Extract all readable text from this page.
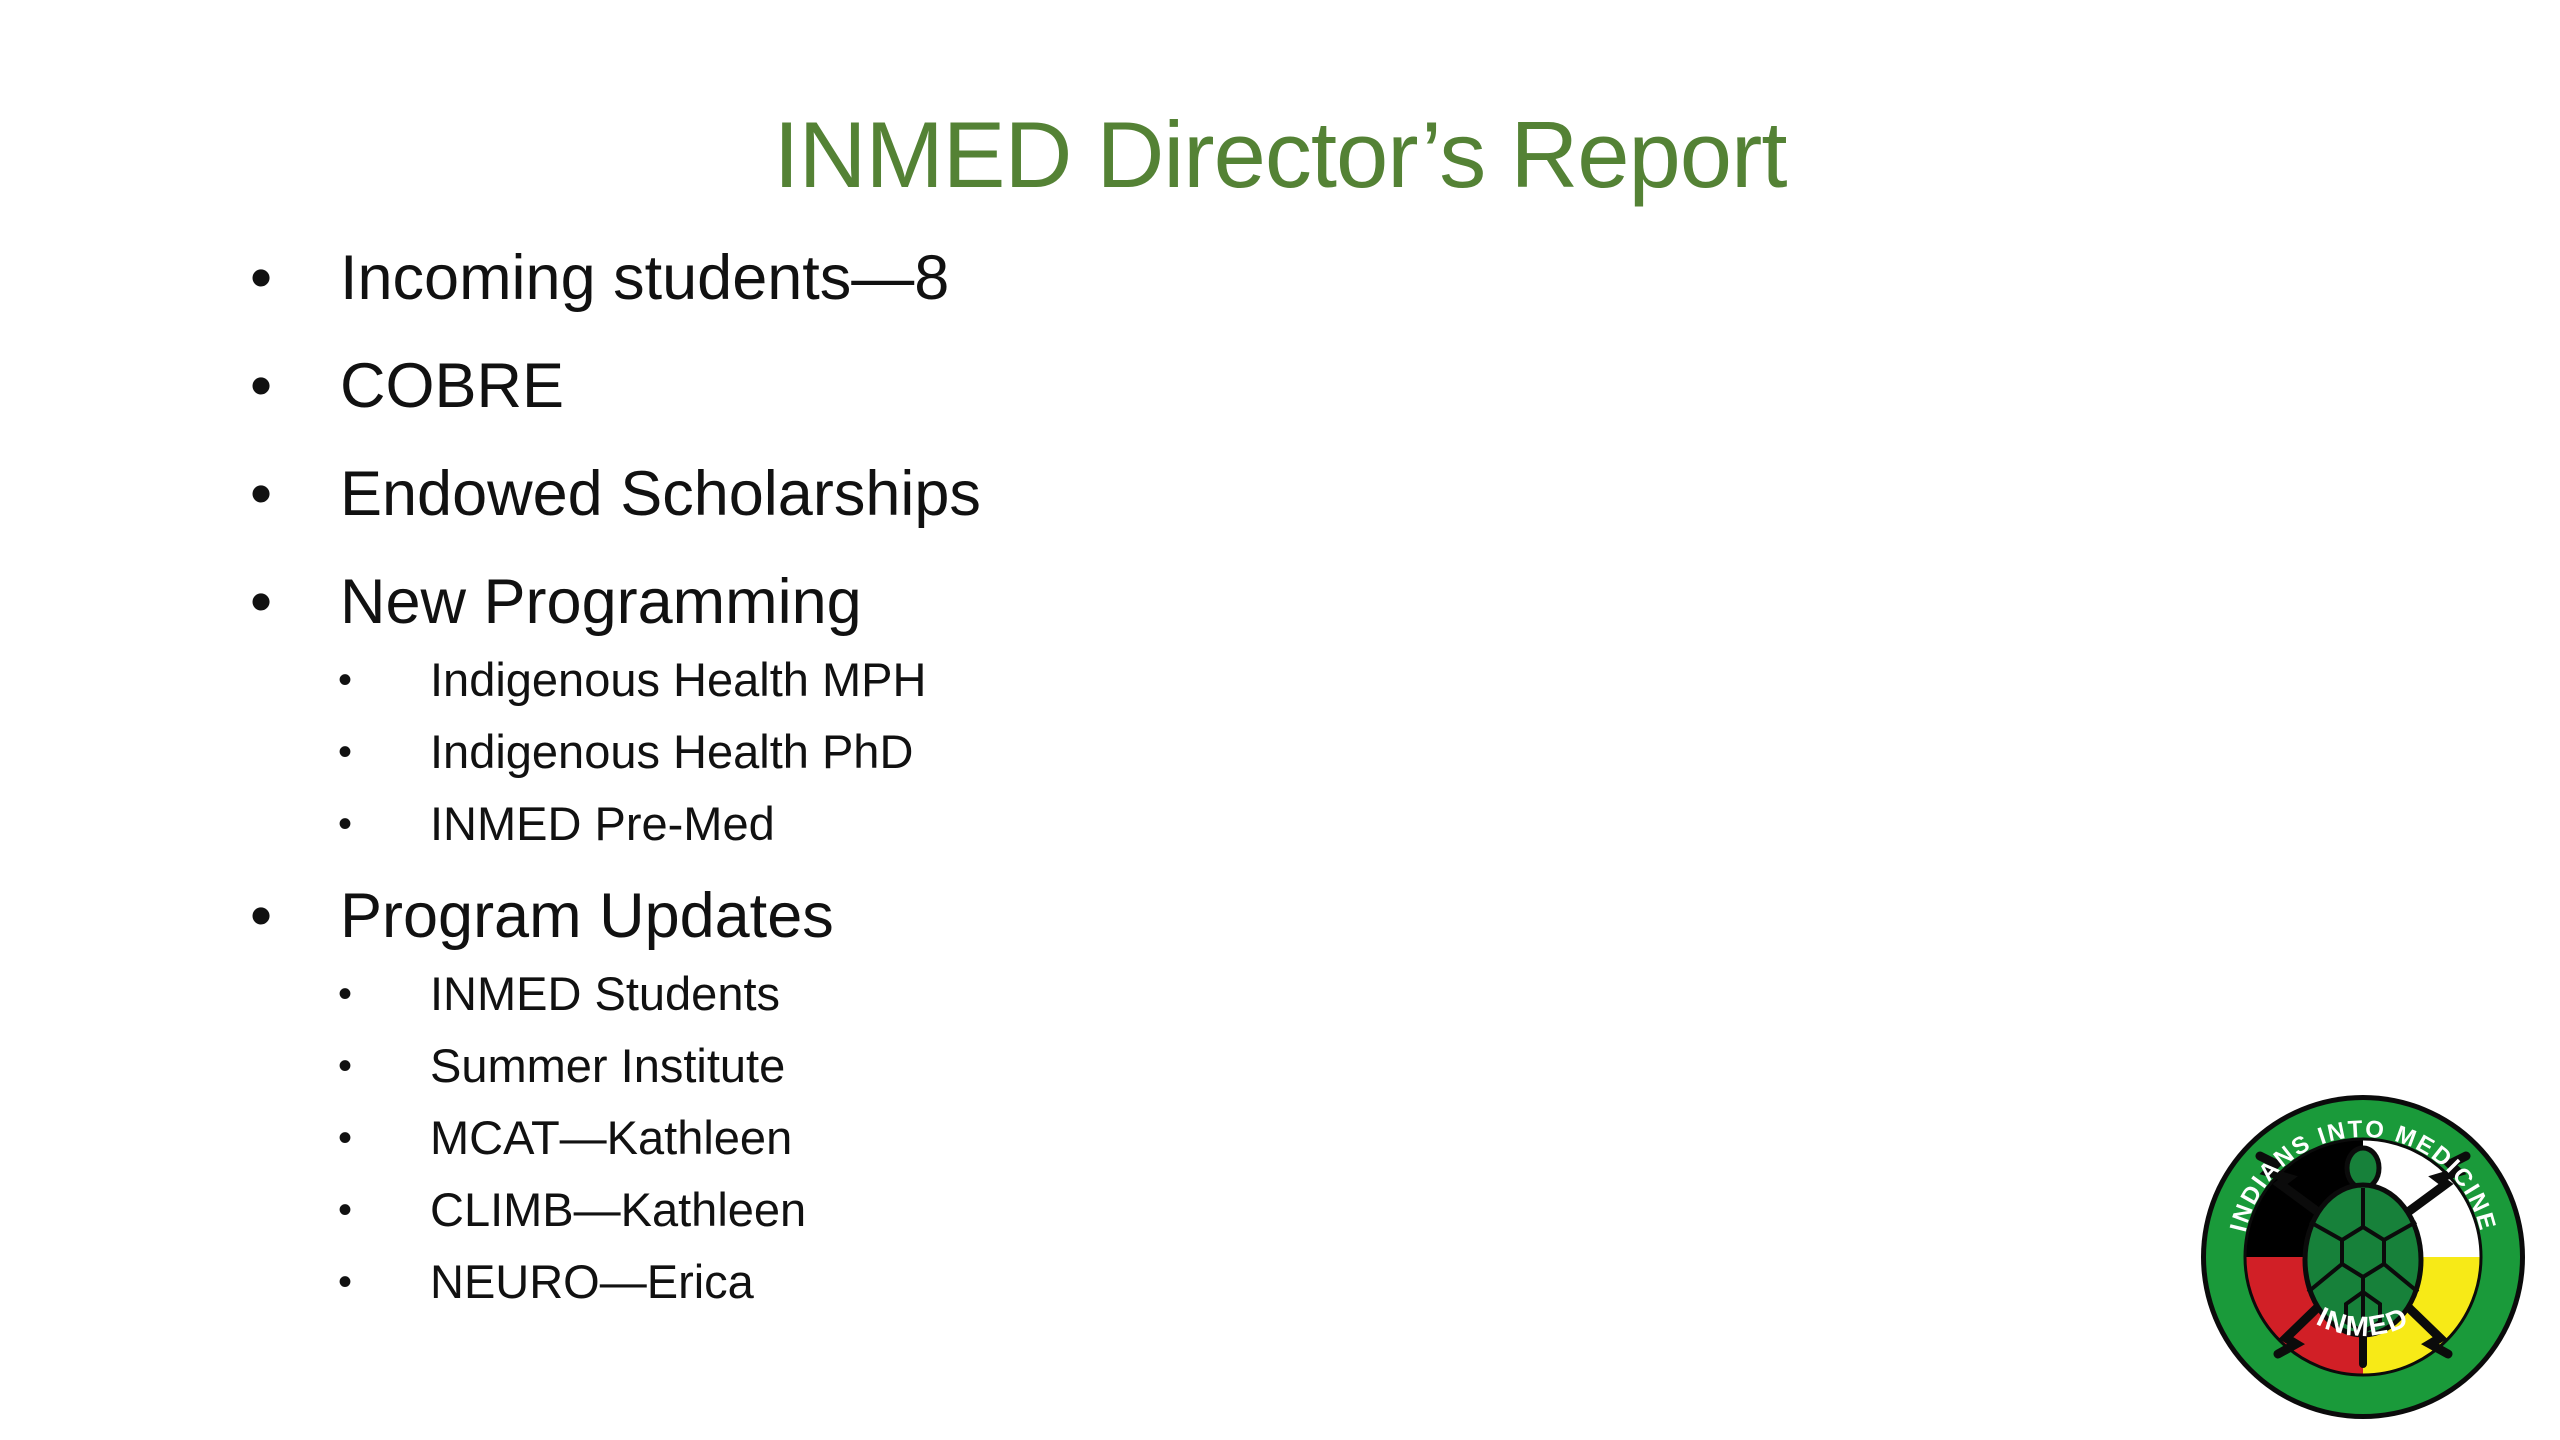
INMED Director’s Report
• Incoming students—8
• COBRE
• Endowed Scholarships
• New Programming
• Indigenous Health MPH
• Indigenous Health PhD
• INMED Pre-Med
• Program Updates
• INMED Students
• Summer Institute
• MCAT—Kathleen
• CLIMB—Kathleen
• NEURO—Erica
INDIANS INTO MEDICINE
INMED
